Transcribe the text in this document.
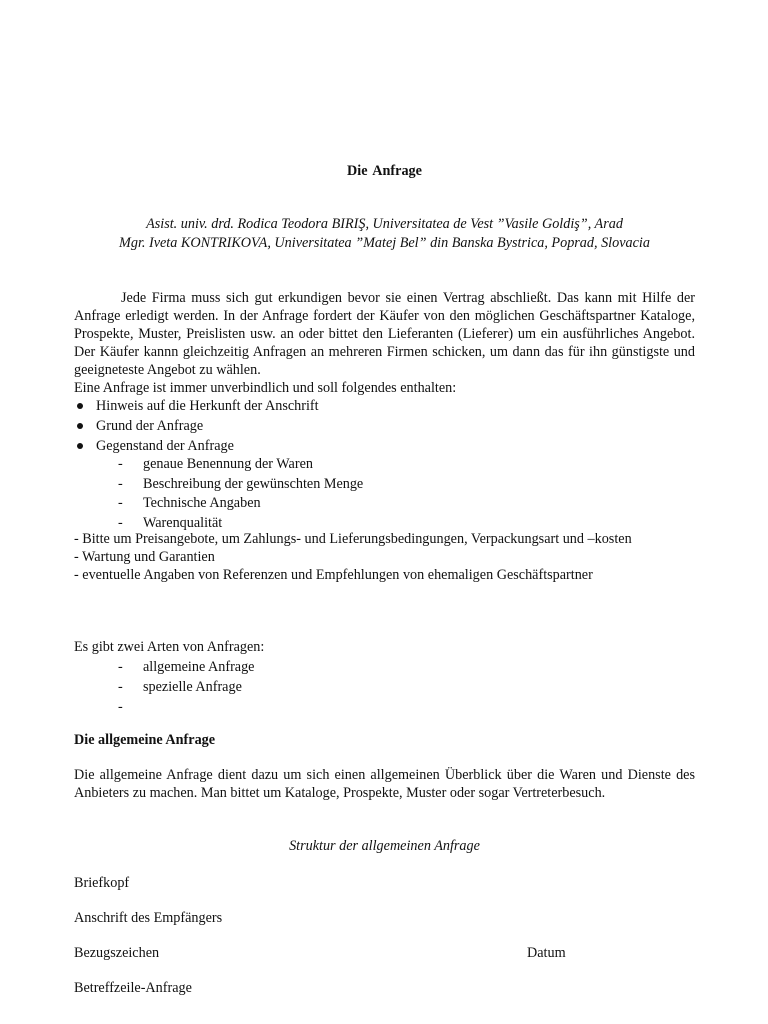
Die Anfrage
Asist. univ. drd. Rodica Teodora BIRIŞ, Universitatea de Vest ”Vasile Goldiş”, Arad
Mgr. Iveta KONTRIKOVA, Universitatea ”Matej Bel” din Banska Bystrica, Poprad, Slovacia

Jede Firma muss sich gut erkundigen bevor sie einen Vertrag abschließt. Das kann mit Hilfe der Anfrage erledigt werden. In der Anfrage fordert der Käufer von den möglichen Geschäftspartner Kataloge, Prospekte, Muster, Preislisten usw. an oder bittet den Lieferanten (Lieferer) um ein ausführliches Angebot. Der Käufer kannn gleichzeitig Anfragen an mehreren Firmen schicken, um dann das für ihn günstigste und geeigneteste Angebot zu wählen.

Eine Anfrage ist immer unverbindlich und soll folgendes enthalten:
Hinweis auf die Herkunft der Anschrift
Grund der Anfrage
Gegenstand der Anfrage
- genaue Benennung der Waren
- Beschreibung der gewünschten Menge
- Technische Angaben
- Warenqualität

- Bitte um Preisangebote, um Zahlungs- und Lieferungsbedingungen, Verpackungsart und –kosten

- Wartung und Garantien

- eventuelle Angaben von Referenzen und Empfehlungen von ehemaligen Geschäftspartner

Es gibt zwei Arten von Anfragen:
- allgemeine Anfrage
- spezielle Anfrage
-
Die allgemeine Anfrage

Die allgemeine Anfrage dient dazu um sich einen allgemeinen Überblick über die Waren und Dienste des Anbieters zu machen. Man bittet um Kataloge, Prospekte, Muster oder sogar Vertreterbesuch.

Struktur der allgemeinen Anfrage
Briefkopf
Anschrift des Empfängers
Bezugszeichen	Datum
Betreffzeile-Anfrage
